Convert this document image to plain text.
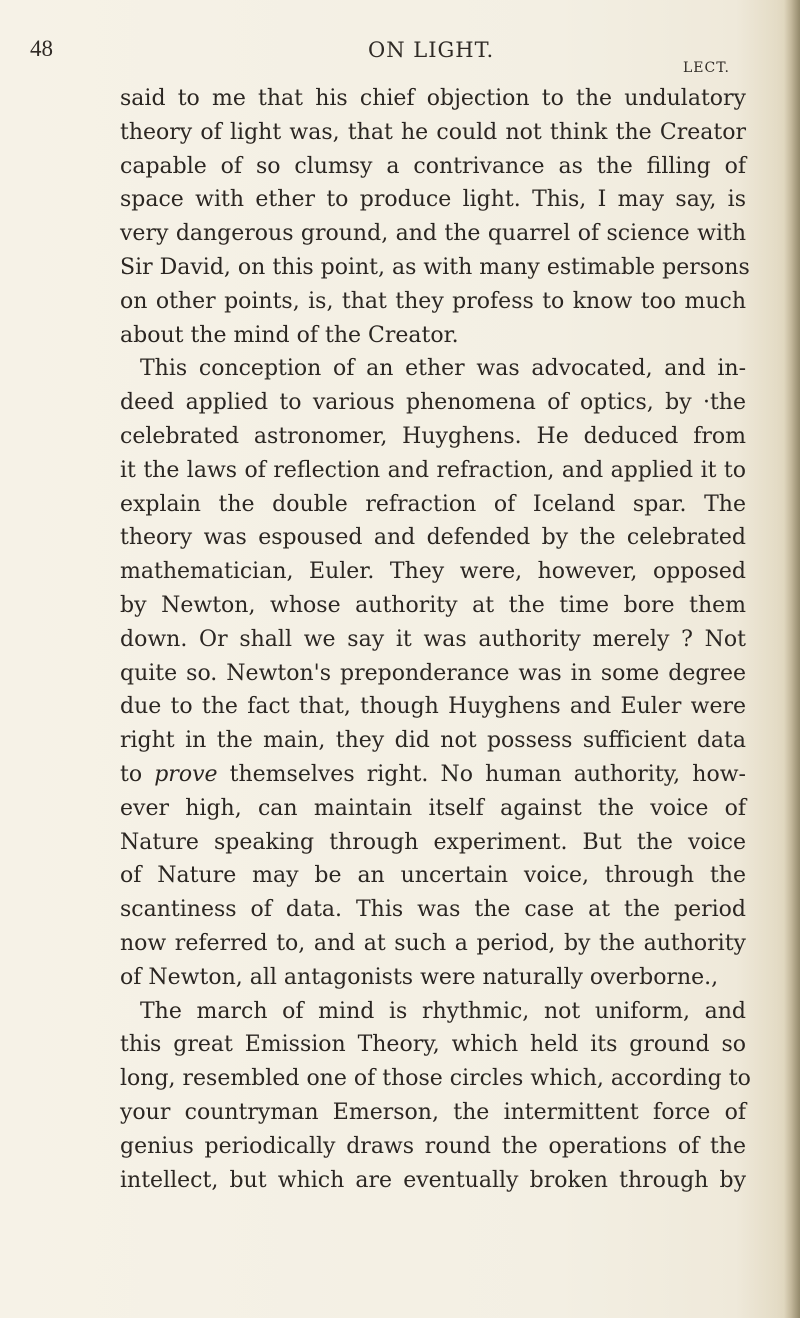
48	ON LIGHT.
LECT.
said to me that his chief objection to the undulatory
theory of light was, that he could not think the Creator
capable of so clumsy a contrivance as the filling of
space with ether to produce light. This, I may say, is
very dangerous ground, and the quarrel of science with
Sir David, on this point, as with many estimable persons
on other points, is, that they profess to know too much
about the mind of the Creator.
This conception of an ether was advocated, and in-
deed applied to various phenomena of optics, by ·the
celebrated astronomer, Huyghens. He deduced from
it the laws of reflection and refraction, and applied it to
explain the double refraction of Iceland spar. The
theory was espoused and defended by the celebrated
mathematician, Euler. They were, however, opposed
by Newton, whose authority at the time bore them
down. Or shall we say it was authority merely ? Not
quite so. Newton's preponderance was in some degree
due to the fact that, though Huyghens and Euler were
right in the main, they did not possess sufficient data
to prove themselves right. No human authority, how-
ever high, can maintain itself against the voice of
Nature speaking through experiment. But the voice
of Nature may be an uncertain voice, through the
scantiness of data. This was the case at the period
now referred to, and at such a period, by the authority
of Newton, all antagonists were naturally overborne.,
The march of mind is rhythmic, not uniform, and
this great Emission Theory, which held its ground so
long, resembled one of those circles which, according to
your countryman Emerson, the intermittent force of
genius periodically draws round the operations of the
intellect, but which are eventually broken through by
